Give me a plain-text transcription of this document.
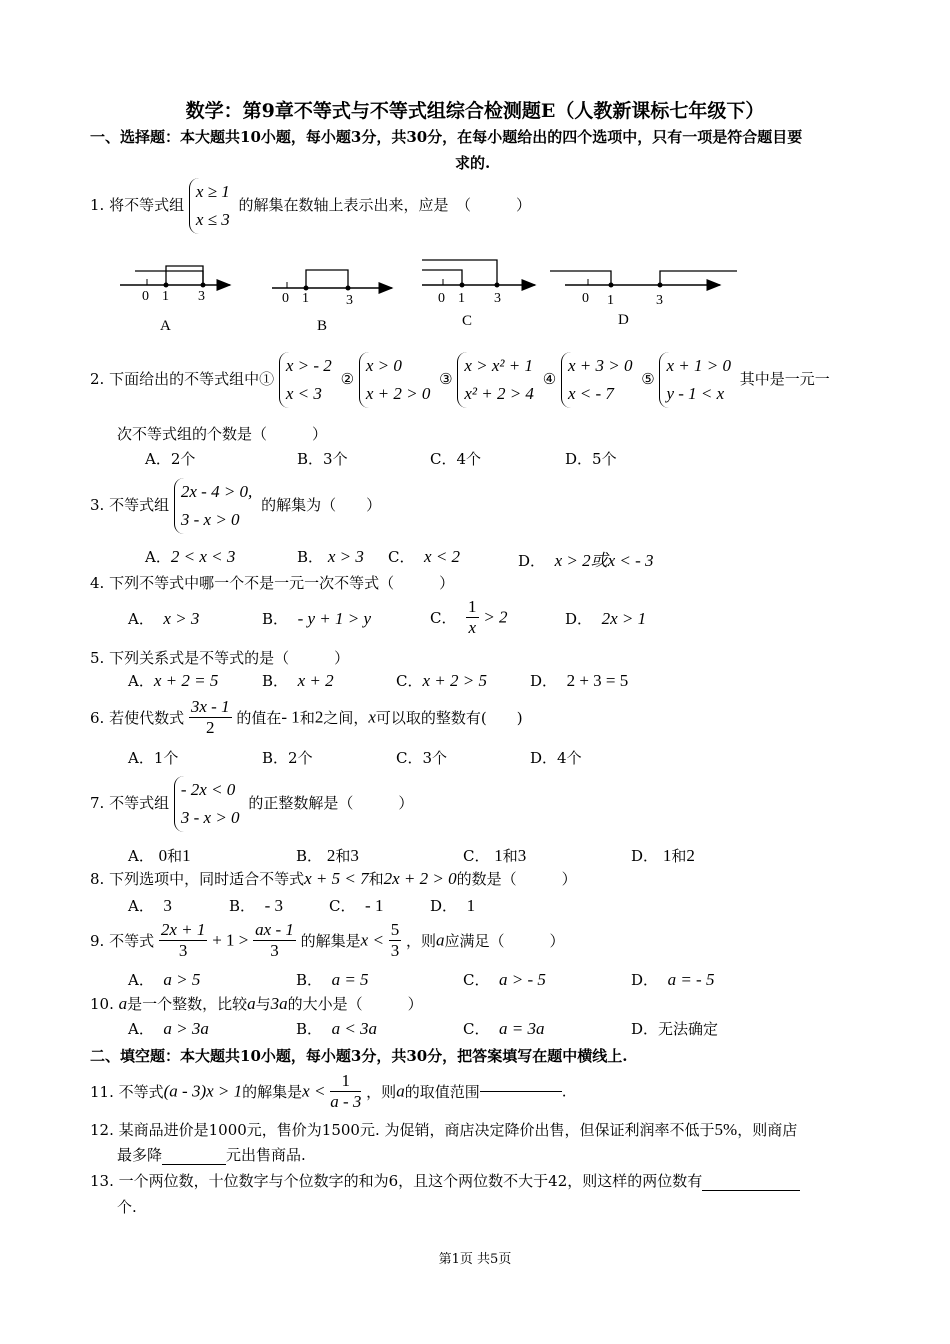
数学：第9章不等式与不等式组综合检测题E（人教新课标七年级下）
一、选择题：本大题共10小题，每小题3分，共30分，在每小题给出的四个选项中，只有一项是符合题目要
求的.
1. 将不等式组
x ≥ 1
x ≤ 3
的解集在数轴上表示出来，应是　（　　　）
0 1 3
A
0 1	3
B
0 1 3
C
0 1	3
D
2. 下面给出的不等式组中①
x > - 2
x < 3
②
x > 0
x + 2 > 0
③
x > x² + 1
x² + 2 > 4
④
x + 3 > 0
x < - 7
⑤
x + 1 > 0
y - 1 < x
其中是一元一
次不等式组的个数是（　　　）
A．2个	B．3个	C．4个	D．5个
3. 不等式组
2x - 4 > 0,
3 - x > 0
的解集为（　　）
A．2 < x < 3	B． x > 3 C． x < 2	D． x > 2或x < - 3
4. 下列不等式中哪一个不是一元一次不等式（　　　）
A． x > 3	B． - y + 1 > y	C． $\frac{1}{x} > 2$	D． 2x > 1
5. 下列关系式是不等式的是（　　　）
A．x + 2 = 5	B． x + 2	C．x + 2 > 5	D． 2 + 3 = 5
6. 若使代数式 $\frac{3x - 1}{2}$ 的值在- 1和2之间，x可以取的整数有(　　)
A．1个	B．2个	C．3个	D．4个
7. 不等式组
- 2x < 0
3 - x > 0
的正整数解是（　　　）
A． 0和1	B． 2和3	C． 1和3	D． 1和2
8. 下列选项中，同时适合不等式x + 5 < 7和2x + 2 > 0的数是（　　　）
A． 3	B． - 3	C． - 1	D． 1
9. 不等式 $\frac{2x + 1}{3} + 1 > \frac{ax - 1}{3}$ 的解集是$x < \frac{5}{3}$ ，则a应满足（　　　）
A． a > 5	B． a = 5	C． a > - 5	D． a = - 5
10. a是一个整数，比较a与3a的大小是（　　　）
A． a > 3a	B． a < 3a	C． a = 3a	D．无法确定
二、填空题：本大题共10小题，每小题3分，共30分，把答案填写在题中横线上.
11. 不等式(a - 3)x > 1的解集是$x < \frac{1}{a - 3}$ ，则a的取值范围	.
12. 某商品进价是1000元，售价为1500元. 为促销，商店决定降价出售，但保证利润率不低于5%，则商店
最多降	元出售商品.
13. 一个两位数，十位数字与个位数字的和为6，且这个两位数不大于42，则这样的两位数有
个.
第1页 共5页
